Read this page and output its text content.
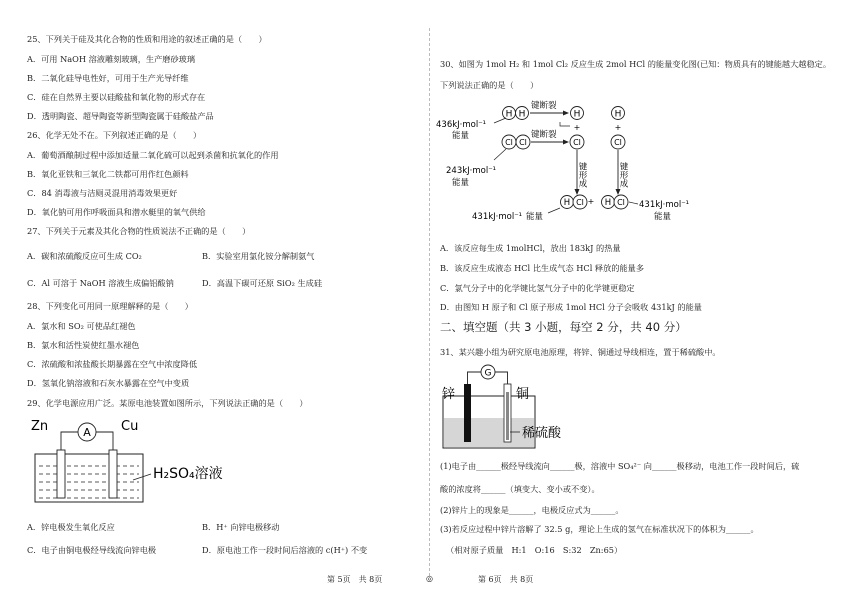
25、下列关于硅及其化合物的性质和用途的叙述正确的是（　　）
A．可用 NaOH 溶液雕刻玻璃，生产磨砂玻璃
B．二氧化硅导电性好，可用于生产光导纤维
C．硅在自然界主要以硅酸盐和氧化物的形式存在
D．透明陶瓷、超导陶瓷等新型陶瓷属于硅酸盐产品
26、化学无处不在。下列叙述正确的是（　　）
A．葡萄酒酿制过程中添加适量二氧化硫可以起到杀菌和抗氧化的作用
B．氧化亚铁和三氧化二铁都可用作红色颜料
C．84 消毒液与洁厕灵混用消毒效果更好
D．氧化钠可用作呼吸面具和潜水艇里的氧气供给
27、下列关于元素及其化合物的性质说法不正确的是（　　）
A．碳和浓硫酸反应可生成 CO₂	B．实验室用氯化铵分解制氨气
C．Al 可溶于 NaOH 溶液生成偏铝酸钠	D．高温下碳可还原 SiO₂ 生成硅
28、下列变化可用同一原理解释的是（　　）
A．氯水和 SO₂ 可使品红褪色
B．氯水和活性炭使红墨水褪色
C．浓硫酸和浓盐酸长期暴露在空气中浓度降低
D．氢氧化钠溶液和石灰水暴露在空气中变质
29、化学电源应用广泛。某原电池装置如图所示，下列说法正确的是（　　）
A
Zn	Cu
H₂SO₄溶液
A．锌电极发生氧化反应	B．H⁺ 向锌电极移动
C．电子由铜电极经导线流向锌电极	D．原电池工作一段时间后溶液的 c(H⁺) 不变
30、如图为 1mol H₂ 和 1mol Cl₂ 反应生成 2mol HCl 的能量变化图(已知：物质具有的键能越大越稳定。
下列说法正确的是（　　）
H H
键断裂
H	H
+	+
436kJ·mol⁻¹
能量
Cl Cl
键断裂
Cl	Cl
243kJ·mol⁻¹
能量	键形成	键形成
H Cl H Cl
+
431kJ·mol⁻¹ 能量
431kJ·mol⁻¹
能量
A．该反应每生成 1molHCl，放出 183kJ 的热量
B．该反应生成液态 HCl 比生成气态 HCl 释放的能量多
C．氯气分子中的化学键比氢气分子中的化学键更稳定
D．由图知 H 原子和 Cl 原子形成 1mol HCl 分子会吸收 431kJ 的能量
二、填空题（共 3 小题，每空 2 分，共 40 分）
31、某兴趣小组为研究原电池原理，将锌、铜通过导线相连，置于稀硫酸中。
G
锌	铜
稀硫酸
(1)电子由______极经导线流向______极，溶液中 SO₄²⁻ 向______极移动，电池工作一段时间后，硫
酸的浓度将______（填变大、变小或不变）。
(2)锌片上的现象是______，电极反应式为______。
(3)若反应过程中锌片溶解了 32.5 g，理论上生成的氢气在标准状况下的体积为______。
（相对原子质量　H:1　O:16　S:32　Zn:65）
第 5页　共 8页	◎	第 6页　共 8页
